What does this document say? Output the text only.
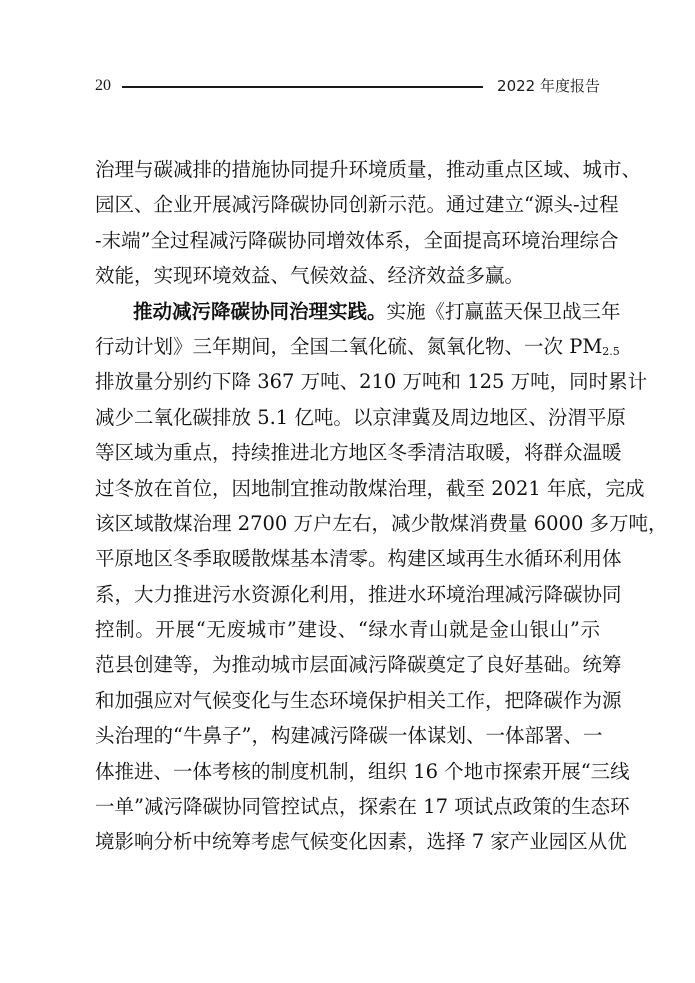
20	2022 年度报告
治理与碳减排的措施协同提升环境质量，推动重点区域、城市、
园区、企业开展减污降碳协同创新示范。通过建立“源头-过程
-末端”全过程减污降碳协同增效体系，全面提高环境治理综合
效能，实现环境效益、气候效益、经济效益多赢。
推动减污降碳协同治理实践。实施《打赢蓝天保卫战三年
行动计划》三年期间，全国二氧化硫、氮氧化物、一次 PM2.5
排放量分别约下降 367 万吨、210 万吨和 125 万吨，同时累计
减少二氧化碳排放 5.1 亿吨。以京津冀及周边地区、汾渭平原
等区域为重点，持续推进北方地区冬季清洁取暖，将群众温暖
过冬放在首位，因地制宜推动散煤治理，截至 2021 年底，完成
该区域散煤治理 2700 万户左右，减少散煤消费量 6000 多万吨，
平原地区冬季取暖散煤基本清零。构建区域再生水循环利用体
系，大力推进污水资源化利用，推进水环境治理减污降碳协同
控制。开展“无废城市”建设、“绿水青山就是金山银山”示
范县创建等，为推动城市层面减污降碳奠定了良好基础。统筹
和加强应对气候变化与生态环境保护相关工作，把降碳作为源
头治理的“牛鼻子”，构建减污降碳一体谋划、一体部署、一
体推进、一体考核的制度机制，组织 16 个地市探索开展“三线
一单”减污降碳协同管控试点，探索在 17 项试点政策的生态环
境影响分析中统筹考虑气候变化因素，选择 7 家产业园区从优
